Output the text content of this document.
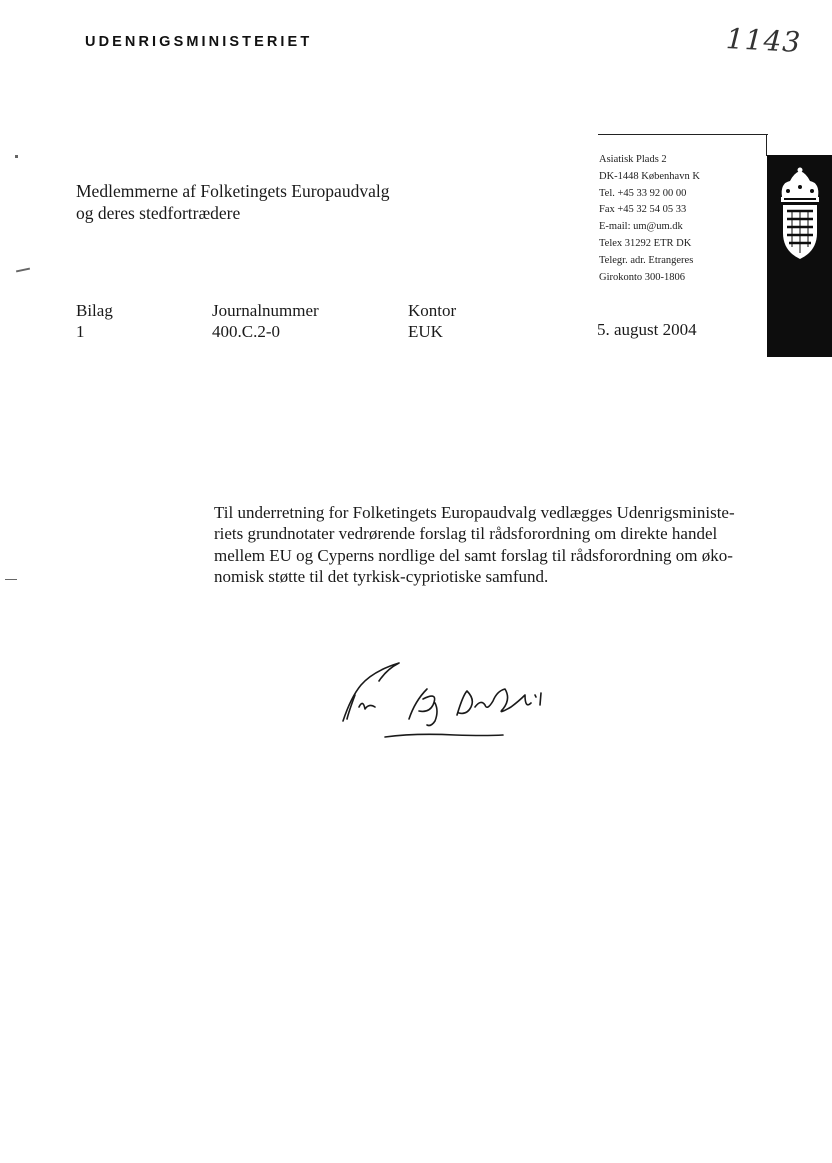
UDENRIGSMINISTERIET	1143
Asiatisk Plads 2
DK-1448 København K
Tel. +45 33 92 00 00
Fax +45 32 54 05 33
E-mail: um@um.dk
Telex 31292 ETR DK
Telegr. adr. Etrangeres
Girokonto 300-1806
Medlemmerne af Folketingets Europaudvalg
og deres stedfortrædere
Bilag
1
Journalnummer
400.C.2-0
Kontor
EUK	5. august 2004
Til underretning for Folketingets Europaudvalg vedlægges Udenrigsministe-
riets grundnotater vedrørende forslag til rådsforordning om direkte handel
mellem EU og Cyperns nordlige del samt forslag til rådsforordning om øko-
nomisk støtte til det tyrkisk-cypriotiske samfund.
